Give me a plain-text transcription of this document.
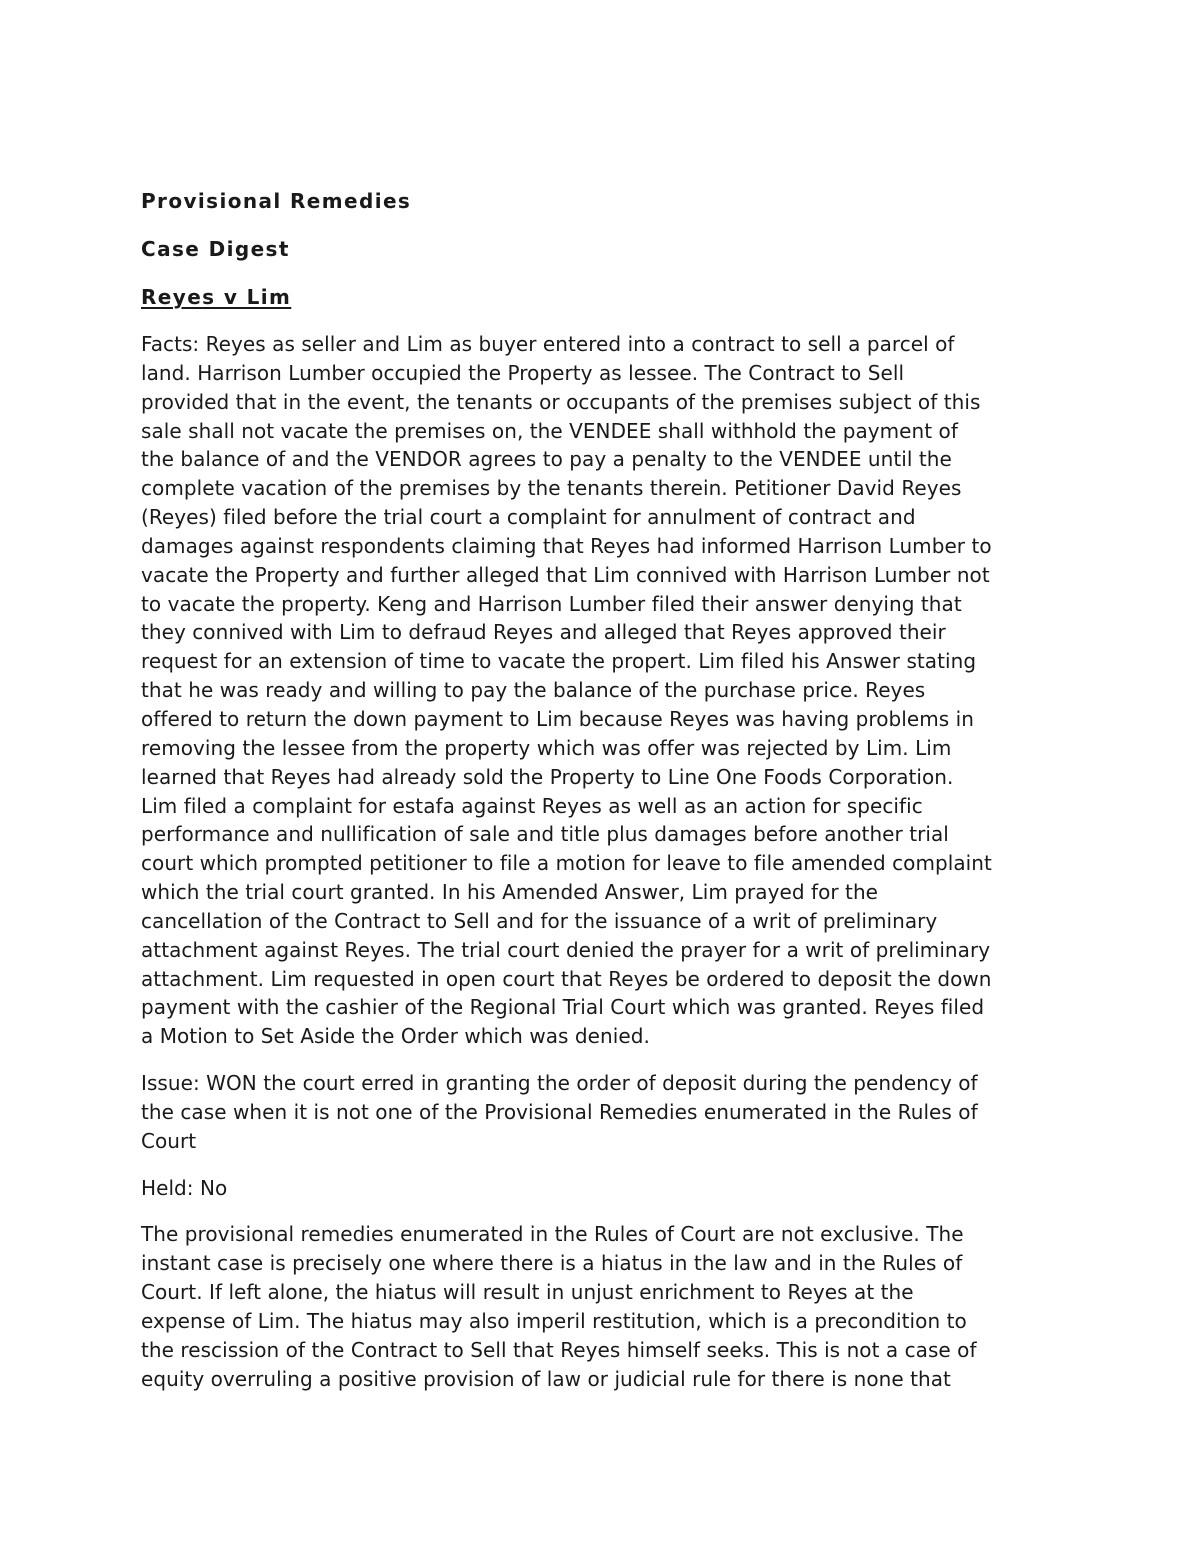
Provisional Remedies
Case Digest
Reyes v Lim

Facts: Reyes as seller and Lim as buyer entered into a contract to sell a parcel of
land. Harrison Lumber occupied the Property as lessee. The Contract to Sell
provided that in the event, the tenants or occupants of the premises subject of this
sale shall not vacate the premises on, the VENDEE shall withhold the payment of
the balance of and the VENDOR agrees to pay a penalty to the VENDEE until the
complete vacation of the premises by the tenants therein. Petitioner David Reyes
(Reyes) filed before the trial court a complaint for annulment of contract and
damages against respondents claiming that Reyes had informed Harrison Lumber to
vacate the Property and further alleged that Lim connived with Harrison Lumber not
to vacate the property. Keng and Harrison Lumber filed their answer denying that
they connived with Lim to defraud Reyes and alleged that Reyes approved their
request for an extension of time to vacate the propert. Lim filed his Answer stating
that he was ready and willing to pay the balance of the purchase price. Reyes
offered to return the down payment to Lim because Reyes was having problems in
removing the lessee from the property which was offer was rejected by Lim. Lim
learned that Reyes had already sold the Property to Line One Foods Corporation.
Lim filed a complaint for estafa against Reyes as well as an action for specific
performance and nullification of sale and title plus damages before another trial
court which prompted petitioner to file a motion for leave to file amended complaint
which the trial court granted. In his Amended Answer, Lim prayed for the
cancellation of the Contract to Sell and for the issuance of a writ of preliminary
attachment against Reyes. The trial court denied the prayer for a writ of preliminary
attachment. Lim requested in open court that Reyes be ordered to deposit the down
payment with the cashier of the Regional Trial Court which was granted. Reyes filed
a Motion to Set Aside the Order which was denied.

Issue: WON the court erred in granting the order of deposit during the pendency of
the case when it is not one of the Provisional Remedies enumerated in the Rules of
Court

Held: No

The provisional remedies enumerated in the Rules of Court are not exclusive. The
instant case is precisely one where there is a hiatus in the law and in the Rules of
Court. If left alone, the hiatus will result in unjust enrichment to Reyes at the
expense of Lim. The hiatus may also imperil restitution, which is a precondition to
the rescission of the Contract to Sell that Reyes himself seeks. This is not a case of
equity overruling a positive provision of law or judicial rule for there is none that
